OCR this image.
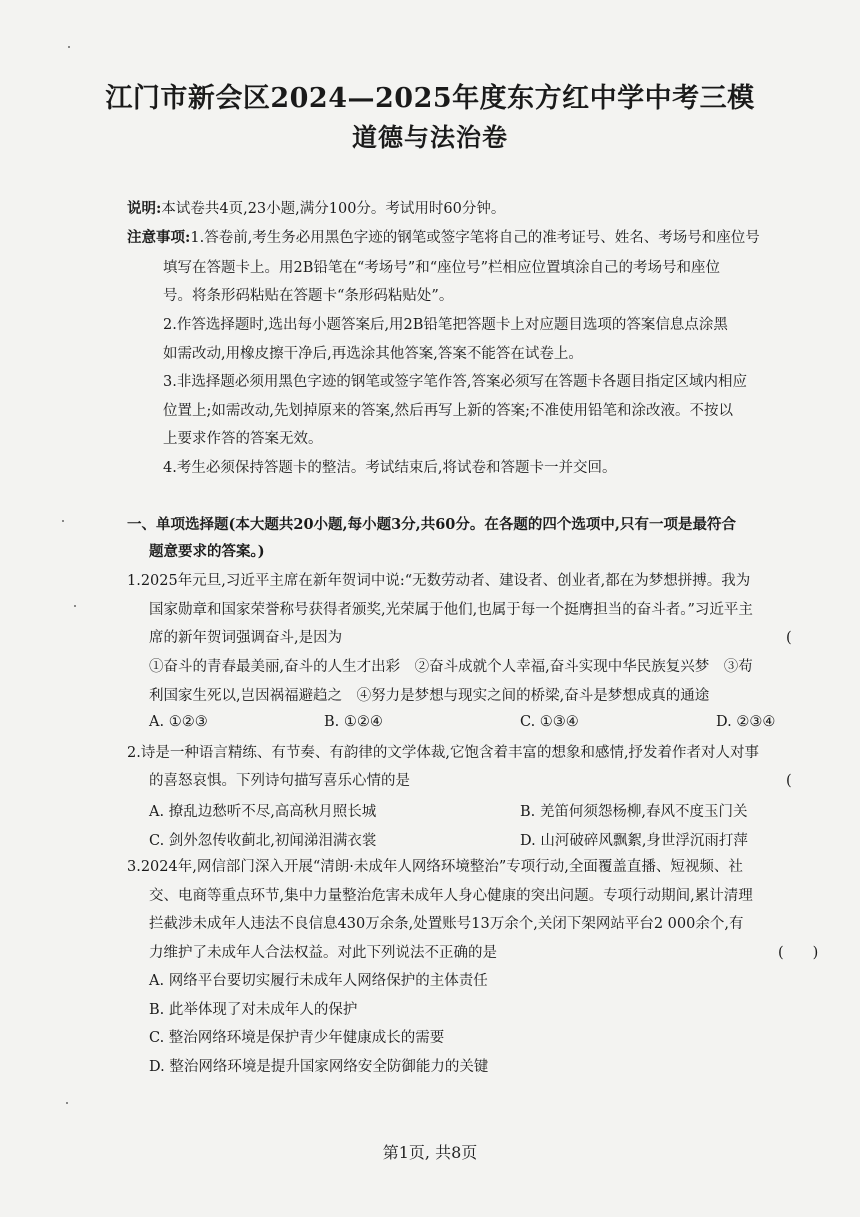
江门市新会区2024—2025年度东方红中学中考三模
道德与法治卷
说明:本试卷共4页,23小题,满分100分。考试用时60分钟。
注意事项:1.答卷前,考生务必用黑色字迹的钢笔或签字笔将自己的准考证号、姓名、考场号和座位号
填写在答题卡上。用2B铅笔在“考场号”和“座位号”栏相应位置填涂自己的考场号和座位
号。将条形码粘贴在答题卡“条形码粘贴处”。
2.作答选择题时,选出每小题答案后,用2B铅笔把答题卡上对应题目选项的答案信息点涂黑
如需改动,用橡皮擦干净后,再选涂其他答案,答案不能答在试卷上。
3.非选择题必须用黑色字迹的钢笔或签字笔作答,答案必须写在答题卡各题目指定区域内相应
位置上;如需改动,先划掉原来的答案,然后再写上新的答案;不准使用铅笔和涂改液。不按以
上要求作答的答案无效。
4.考生必须保持答题卡的整洁。考试结束后,将试卷和答题卡一并交回。
一、单项选择题(本大题共20小题,每小题3分,共60分。在各题的四个选项中,只有一项是最符合
题意要求的答案。)
1.2025年元旦,习近平主席在新年贺词中说:“无数劳动者、建设者、创业者,都在为梦想拼搏。我为
国家勋章和国家荣誉称号获得者颁奖,光荣属于他们,也属于每一个挺膺担当的奋斗者。”习近平主
席的新年贺词强调奋斗,是因为	(
①奋斗的青春最美丽,奋斗的人生才出彩　②奋斗成就个人幸福,奋斗实现中华民族复兴梦　③苟
利国家生死以,岂因祸福避趋之　④努力是梦想与现实之间的桥梁,奋斗是梦想成真的通途
A. ①②③	B. ①②④	C. ①③④	D. ②③④
2.诗是一种语言精练、有节奏、有韵律的文学体裁,它饱含着丰富的想象和感情,抒发着作者对人对事
的喜怒哀惧。下列诗句描写喜乐心情的是	(
A. 撩乱边愁听不尽,高高秋月照长城	B. 羌笛何须怨杨柳,春风不度玉门关
C. 剑外忽传收蓟北,初闻涕泪满衣裳	D. 山河破碎风飘絮,身世浮沉雨打萍
3.2024年,网信部门深入开展“清朗·未成年人网络环境整治”专项行动,全面覆盖直播、短视频、社
交、电商等重点环节,集中力量整治危害未成年人身心健康的突出问题。专项行动期间,累计清理
拦截涉未成年人违法不良信息430万余条,处置账号13万余个,关闭下架网站平台2 000余个,有
力维护了未成年人合法权益。对此下列说法不正确的是	(　　)
A. 网络平台要切实履行未成年人网络保护的主体责任
B. 此举体现了对未成年人的保护
C. 整治网络环境是保护青少年健康成长的需要
D. 整治网络环境是提升国家网络安全防御能力的关键
第1页, 共8页
